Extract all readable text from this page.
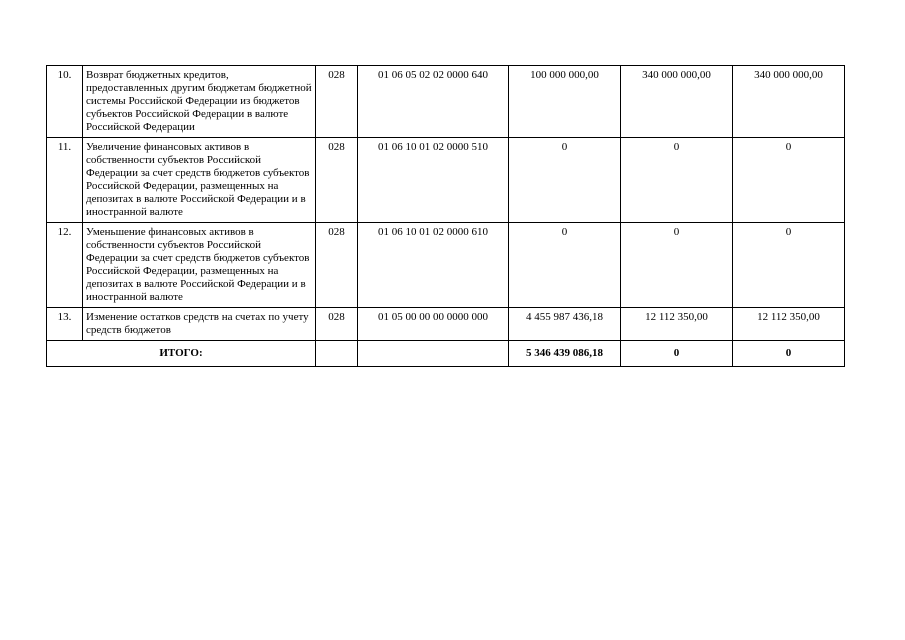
10.	Возврат бюджетных кредитов, предоставленных другим бюджетам бюджетной системы Российской Федерации из бюджетов субъектов Российской Федерации в валюте Российской Федерации	028	01 06 05 02 02 0000 640	100 000 000,00	340 000 000,00	340 000 000,00
11.	Увеличение финансовых активов в собственности субъектов Российской Федерации за счет средств бюджетов субъектов Российской Федерации, размещенных на депозитах в валюте Российской Федерации и в иностранной валюте	028	01 06 10 01 02 0000 510	0	0	0
12.	Уменьшение финансовых активов в собственности субъектов Российской Федерации за счет средств бюджетов субъектов Российской Федерации, размещенных на депозитах в валюте Российской Федерации и в иностранной валюте	028	01 06 10 01 02 0000 610	0	0	0
13.	Изменение остатков средств на счетах по учету средств бюджетов	028	01 05 00 00 00 0000 000	4 455 987 436,18	12 112 350,00	12 112 350,00
ИТОГО:				5 346 439 086,18	0	0
